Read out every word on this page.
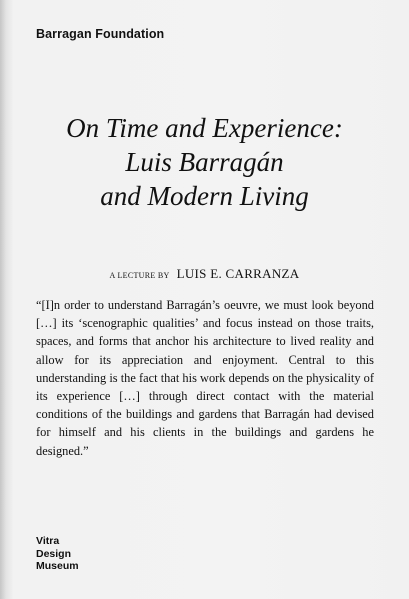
Barragan Foundation
On Time and Experience:
Luis Barragán
and Modern Living
A LECTURE BY LUIS E. CARRANZA
“[I]n order to understand Barragán’s oeuvre, we must look beyond […] its ‘scenographic qualities’ and focus instead on those traits, spaces, and forms that anchor his architecture to lived reality and allow for its appreciation and enjoyment. Central to this understanding is the fact that his work depends on the physicality of its experience […] through direct contact with the material conditions of the buildings and gardens that Barragán had devised for himself and his clients in the buildings and gardens he designed.”
Vitra
Design
Museum
